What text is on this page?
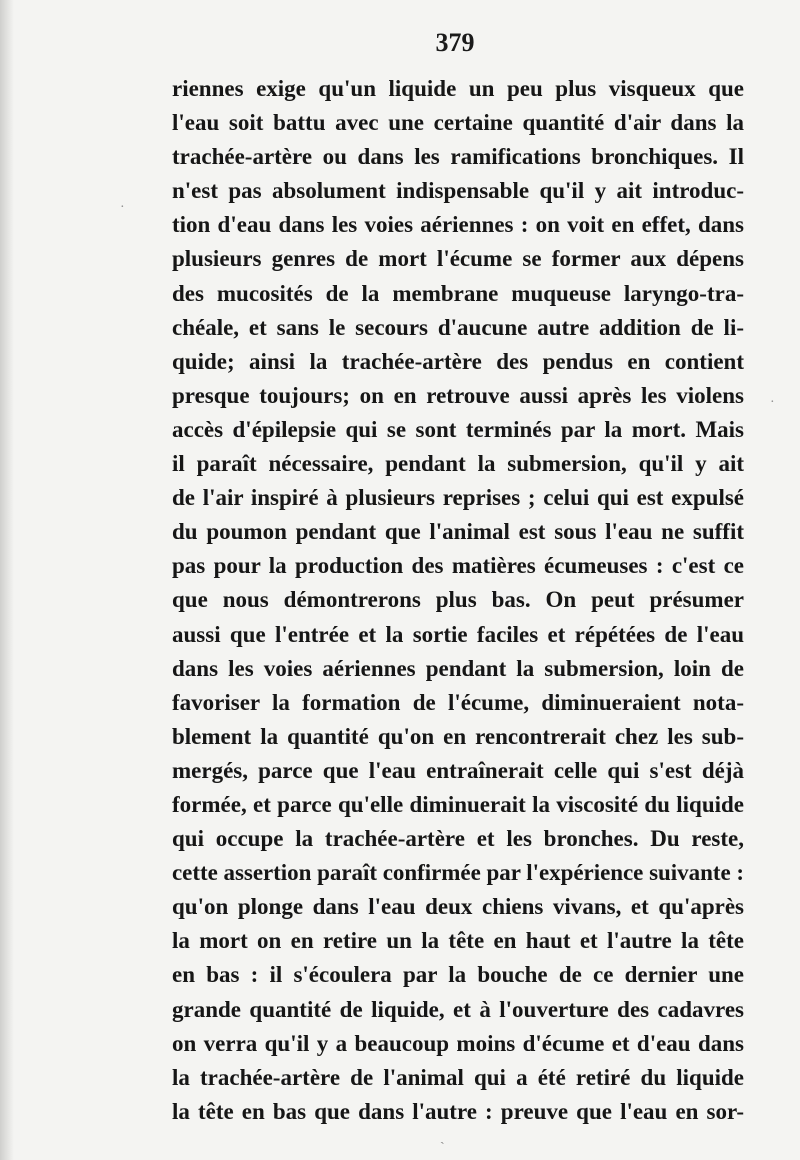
379
riennes exige qu'un liquide un peu plus visqueux que
l'eau soit battu avec une certaine quantité d'air dans la
trachée-artère ou dans les ramifications bronchiques. Il
n'est pas absolument indispensable qu'il y ait introduc-
tion d'eau dans les voies aériennes : on voit en effet, dans
plusieurs genres de mort l'écume se former aux dépens
des mucosités de la membrane muqueuse laryngo-tra-
chéale, et sans le secours d'aucune autre addition de li-
quide; ainsi la trachée-artère des pendus en contient
presque toujours; on en retrouve aussi après les violens
accès d'épilepsie qui se sont terminés par la mort. Mais
il paraît nécessaire, pendant la submersion, qu'il y ait
de l'air inspiré à plusieurs reprises ; celui qui est expulsé
du poumon pendant que l'animal est sous l'eau ne suffit
pas pour la production des matières écumeuses : c'est ce
que nous démontrerons plus bas. On peut présumer
aussi que l'entrée et la sortie faciles et répétées de l'eau
dans les voies aériennes pendant la submersion, loin de
favoriser la formation de l'écume, diminueraient nota-
blement la quantité qu'on en rencontrerait chez les sub-
mergés, parce que l'eau entraînerait celle qui s'est déjà
formée, et parce qu'elle diminuerait la viscosité du liquide
qui occupe la trachée-artère et les bronches. Du reste,
cette assertion paraît confirmée par l'expérience suivante :
qu'on plonge dans l'eau deux chiens vivans, et qu'après
la mort on en retire un la tête en haut et l'autre la tête
en bas : il s'écoulera par la bouche de ce dernier une
grande quantité de liquide, et à l'ouverture des cadavres
on verra qu'il y a beaucoup moins d'écume et d'eau dans
la trachée-artère de l'animal qui a été retiré du liquide
la tête en bas que dans l'autre : preuve que l'eau en sor-
·
·
ˎ
